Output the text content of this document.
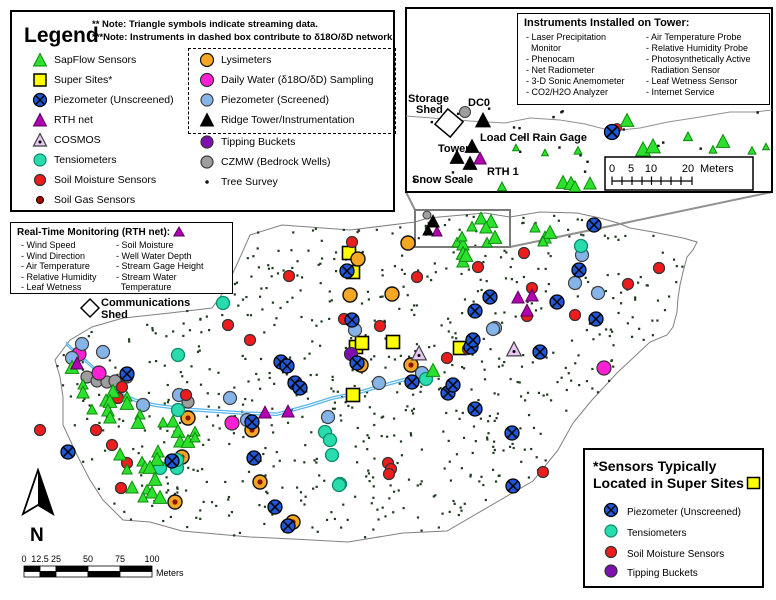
Storage
Shed
DC0
Load Cell Rain Gage
Tower
RTH 1
Snow Scale
0 5 10 20 Meters
Communications
Shed
N
0 12.5 25 50 75 100
Meters
Legend
** Note: Triangle symbols indicate streaming data.
***Note: Instruments in dashed box contribute to δ18O/δD network.
SapFlow Sensors
Super Sites*
Piezometer (Unscreened)
RTH net
COSMOS
Tensiometers
Soil Moisture Sensors
Soil Gas Sensors
Lysimeters
Daily Water (δ18O/δD) Sampling
Piezometer (Screened)
Ridge Tower/Instrumentation
Tipping Buckets
CZMW (Bedrock Wells)
Tree Survey
Real-Time Monitoring (RTH net):
- Wind Speed
- Wind Direction
- Air Temperature
- Relative Humidity
- Leaf Wetness
- Soil Moisture
- Well Water Depth
- Stream Gage Height
- Stream Water
Temperature
Instruments Installed on Tower:
- Laser Precipitation
Monitor
- Phenocam
- Net Radiometer
- 3-D Sonic Anemometer
- CO2/H2O Analyzer
- Air Temperature Probe
- Relative Humidity Probe
- Photosynthetically Active
Radiation Sensor
- Leaf Wetness Sensor
- Internet Service
*Sensors Typically
Located in Super Sites
Piezometer (Unscreened)
Tensiometers
Soil Moisture Sensors
Tipping Buckets
